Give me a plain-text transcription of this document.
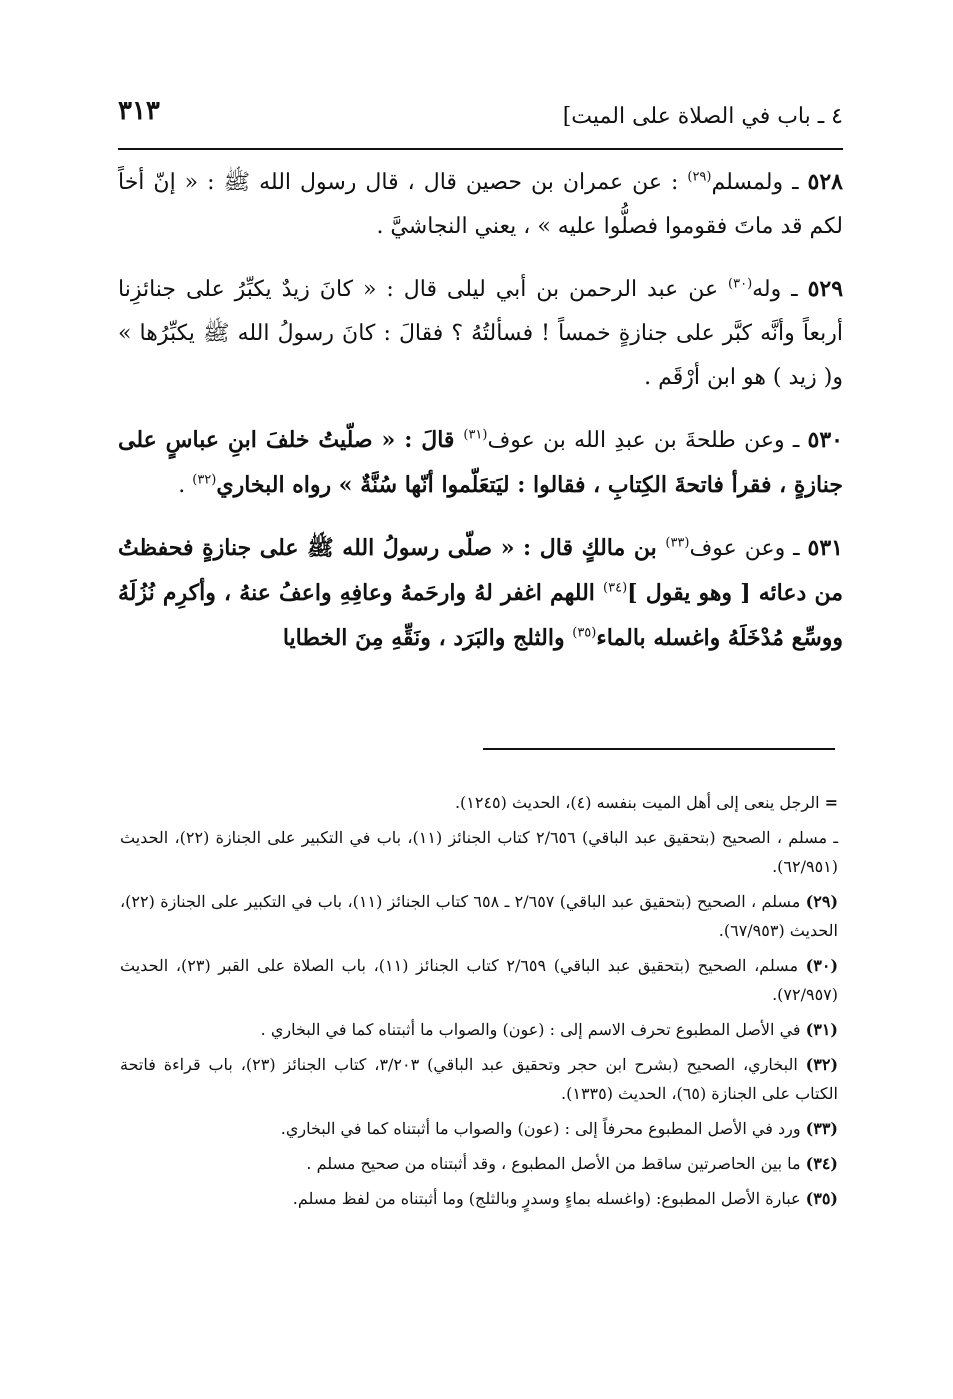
٣١٣	٤ ـ باب في الصلاة على الميت]

٥٢٨ ـ ولمسلم$^{(٢٩)}$ : عن عمران بن حصين قال ، قال رسول الله ﷺ : « إنّ أخاً لكم قد ماتَ فقوموا فصلُّوا عليه » ، يعني النجاشيَّ .

٥٢٩ ـ وله$^{(٣٠)}$ عن عبد الرحمن بن أبي ليلى قال : « كانَ زيدٌ يكبِّرُ على جنائزِنا أربعاً وأنَّه كبَّر على جنازةٍ خمساً ! فسألتُهُ ؟ فقالَ : كانَ رسولُ الله ﷺ يكبِّرُها » و( زيد ) هو ابن أرْقَم .

٥٣٠ ـ وعن طلحةَ بن عبدِ الله بن عوف$^{(٣١)}$ قالَ : « صلّيتُ خلفَ ابنِ عباسٍ على جنازةٍ ، فقرأ فاتحةَ الكِتابِ ، فقالوا : ليَتعَلّموا أنّها سُنَّةٌ » رواه البخاري$^{(٣٢)}$ .

٥٣١ ـ وعن عوف$^{(٣٣)}$ بن مالكٍ قال : « صلّى رسولُ الله ﷺ على جنازةٍ فحفظتُ من دعائه [ وهو يقول ]$^{(٣٤)}$ اللهم اغفر لهُ وارحَمهُ وعافِهِ واعفُ عنهُ ، وأكرِم نُزُلَهُ ووسِّع مُدْخَلَهُ واغسله بالماء$^{(٣٥)}$ والثلج والبَرَد ، ونَقِّهِ مِنَ الخطايا

= الرجل ينعى إلى أهل الميت بنفسه (٤)، الحديث (١٢٤٥).

ـ مسلم ، الصحيح (بتحقيق عبد الباقي) ٢/٦٥٦ كتاب الجنائز (١١)، باب في التكبير على الجنازة (٢٢)، الحديث (٦٢/٩٥١).

(٢٩) مسلم ، الصحيح (بتحقيق عبد الباقي) ٢/٦٥٧ ـ ٦٥٨ كتاب الجنائز (١١)، باب في التكبير على الجنازة (٢٢)، الحديث (٦٧/٩٥٣).

(٣٠) مسلم، الصحيح (بتحقيق عبد الباقي) ٢/٦٥٩ كتاب الجنائز (١١)، باب الصلاة على القبر (٢٣)، الحديث (٧٢/٩٥٧).

(٣١) في الأصل المطبوع تحرف الاسم إلى : (عون) والصواب ما أثبتناه كما في البخاري .

(٣٢) البخاري، الصحيح (بشرح ابن حجر وتحقيق عبد الباقي) ٣/٢٠٣، كتاب الجنائز (٢٣)، باب قراءة فاتحة الكتاب على الجنازة (٦٥)، الحديث (١٣٣٥).

(٣٣) ورد في الأصل المطبوع محرفاً إلى : (عون) والصواب ما أثبتناه كما في البخاري.

(٣٤) ما بين الحاصرتين ساقط من الأصل المطبوع ، وقد أثبتناه من صحيح مسلم .

(٣٥) عبارة الأصل المطبوع: (واغسله بماءٍ وسدرٍ وبالثلج) وما أثبتناه من لفظ مسلم.
